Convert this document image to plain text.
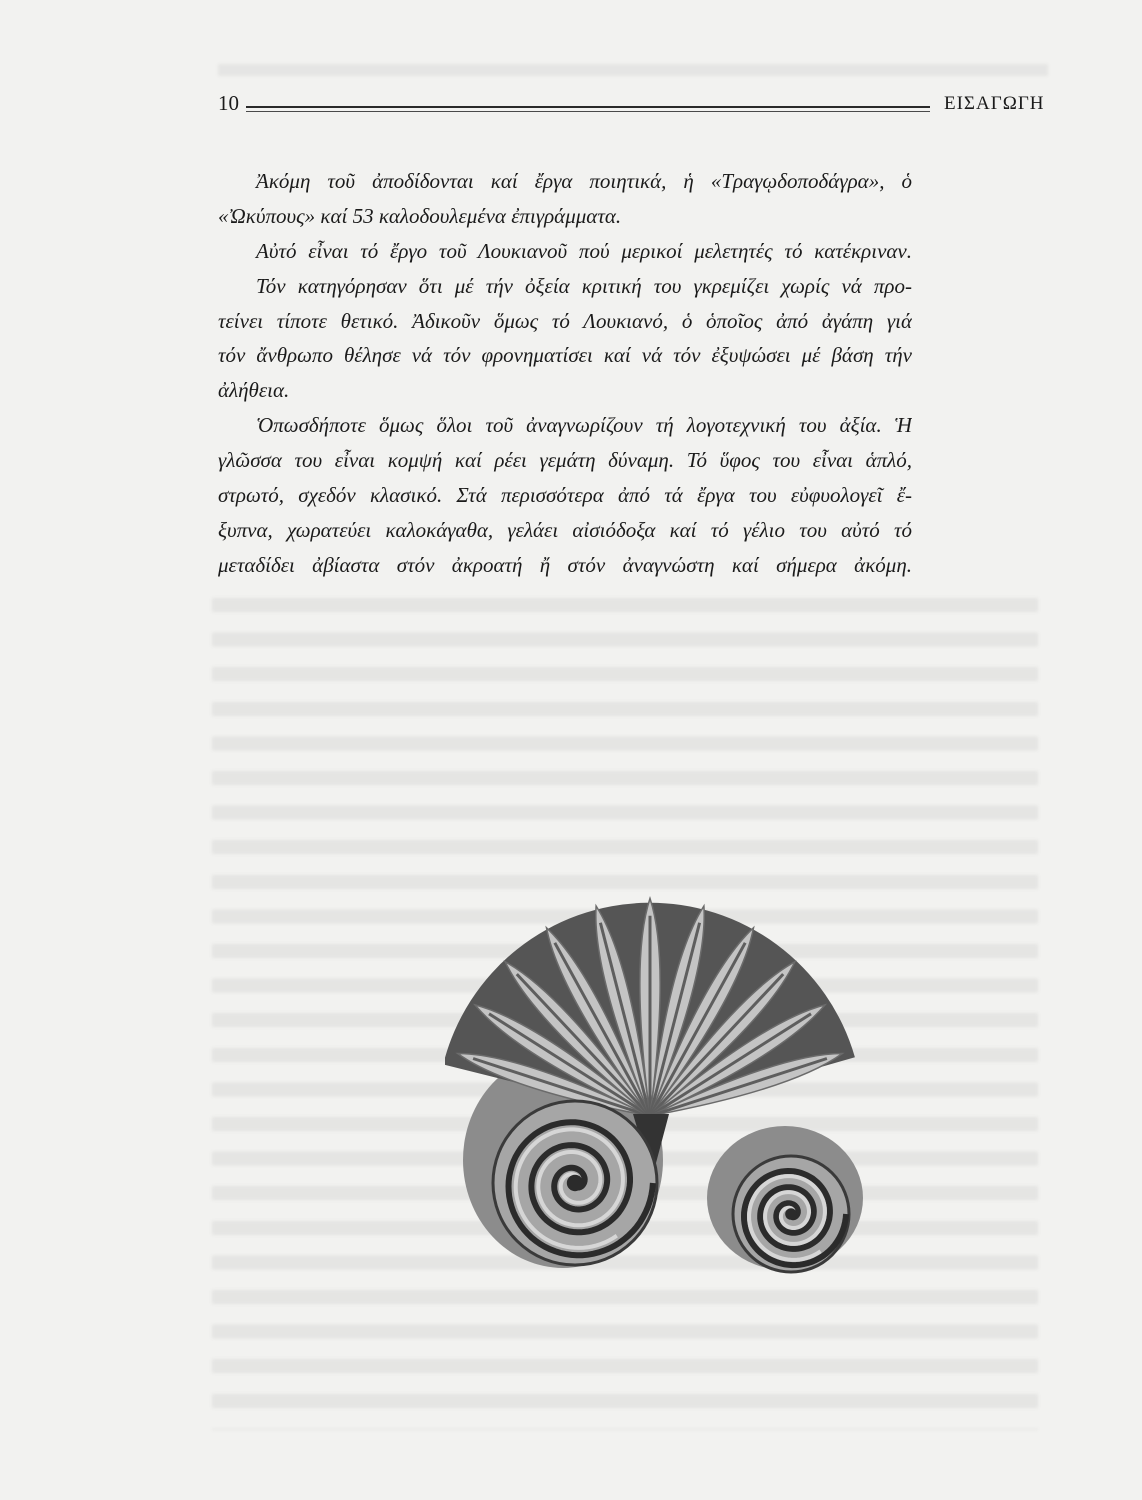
10	ΕΙΣΑΓΩΓΗ
Ἀκόμη τοῦ ἀποδίδονται καί ἔργα ποιητικά, ἡ «Τραγῳδοποδάγρα», ὁ
«Ὠκύπους» καί 53 καλοδουλεμένα ἐπιγράμματα.
Αὐτό εἶναι τό ἔργο τοῦ Λουκιανοῦ πού μερικοί μελετητές τό κατέκριναν.
Τόν κατηγόρησαν ὅτι μέ τήν ὀξεία κριτική του γκρεμίζει χωρίς νά προ-
τείνει τίποτε θετικό. Ἀδικοῦν ὅμως τό Λουκιανό, ὁ ὁποῖος ἀπό ἀγάπη γιά
τόν ἄνθρωπο θέλησε νά τόν φρονηματίσει καί νά τόν ἐξυψώσει μέ βάση τήν
ἀλήθεια.
Ὁπωσδήποτε ὅμως ὅλοι τοῦ ἀναγνωρίζουν τή λογοτεχνική του ἀξία. Ἡ
γλῶσσα του εἶναι κομψή καί ρέει γεμάτη δύναμη. Τό ὕφος του εἶναι ἁπλό,
στρωτό, σχεδόν κλασικό. Στά περισσότερα ἀπό τά ἔργα του εὐφυολογεῖ ἔ-
ξυπνα, χωρατεύει καλοκάγαθα, γελάει αἰσιόδοξα καί τό γέλιο του αὐτό τό
μεταδίδει ἀβίαστα στόν ἀκροατή ἤ στόν ἀναγνώστη καί σήμερα ἀκόμη.
